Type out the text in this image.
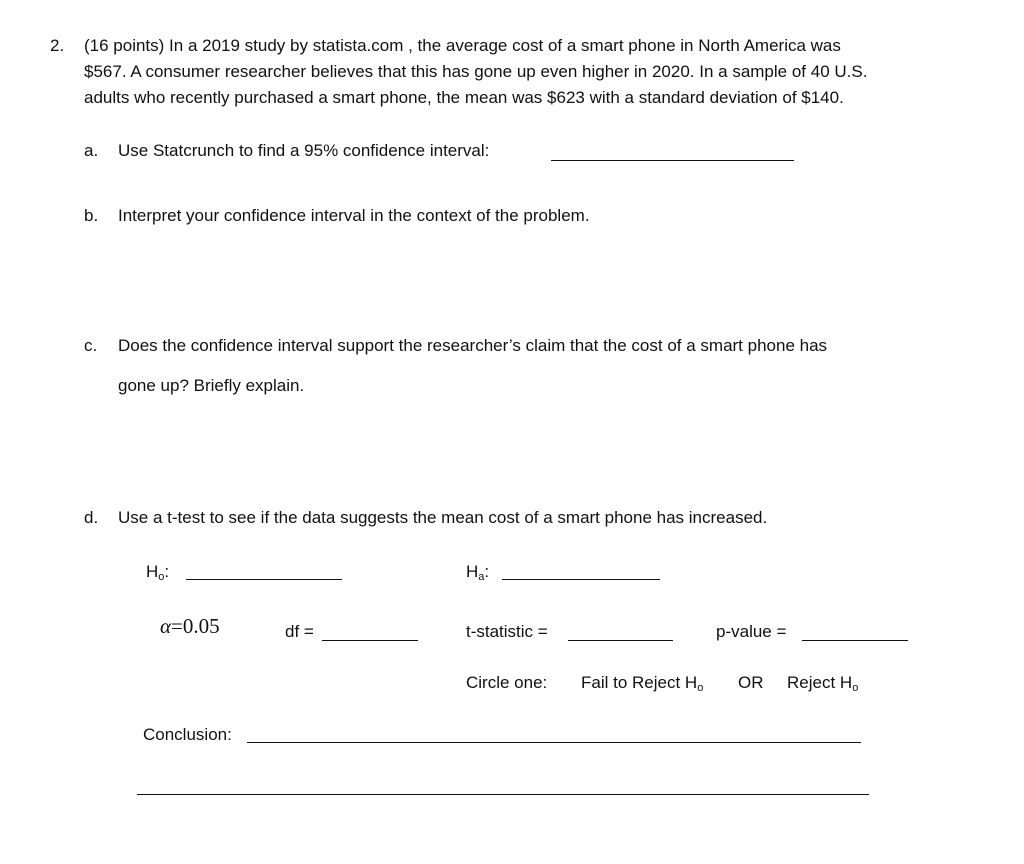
2. (16 points) In a 2019 study by statista.com , the average cost of a smart phone in North America was
$567. A consumer researcher believes that this has gone up even higher in 2020. In a sample of 40 U.S.
adults who recently purchased a smart phone, the mean was $623 with a standard deviation of $140.
a. Use Statcrunch to find a 95% confidence interval:
b. Interpret your confidence interval in the context of the problem.
c. Does the confidence interval support the researcher’s claim that the cost of a smart phone has
gone up? Briefly explain.
d. Use a t-test to see if the data suggests the mean cost of a smart phone has increased.
$H_o$:	$H_a$:
α=0.05	df =	t-statistic =	p-value =
Circle one: Fail to Reject $H_o$ OR Reject $H_o$
Conclusion:
